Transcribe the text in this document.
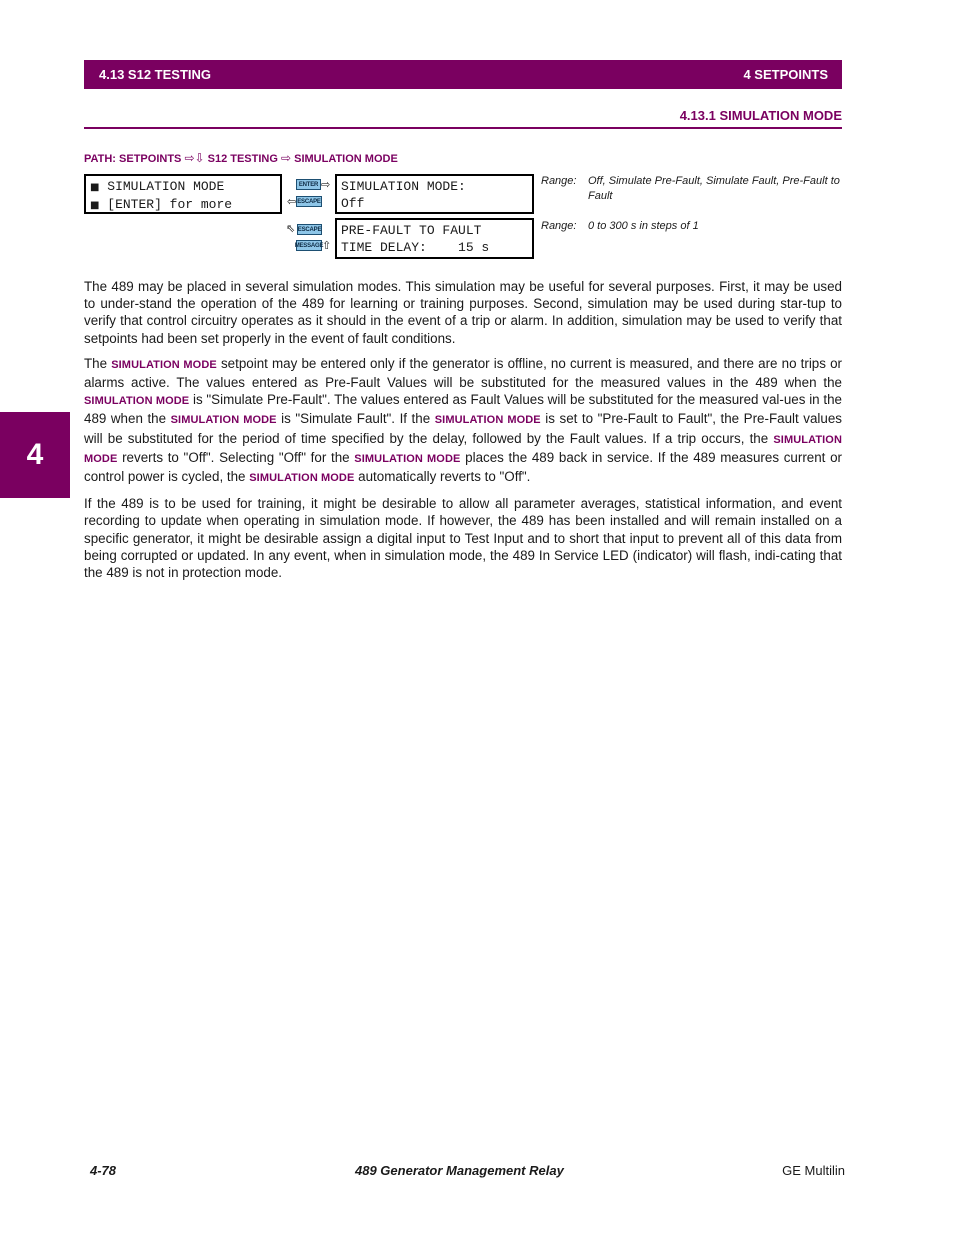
4.13 S12 TESTING	4 SETPOINTS
4.13.1 SIMULATION MODE
PATH: SETPOINTS ⇨⇩ S12 TESTING ⇨ SIMULATION MODE
4
■ SIMULATION MODE
■ [ENTER] for more
ENTER ⇨
⇦ ESCAPE
SIMULATION MODE:
Off
Range: Off, Simulate Pre-Fault, Simulate Fault, Pre-Fault to Fault
⇖ ESCAPE
MESSAGE
⇧
PRE-FAULT TO FAULT
TIME DELAY:    15 s
Range: 0 to 300 s in steps of 1

The 489 may be placed in several simulation modes. This simulation may be useful for several purposes. First, it may be used to under-stand the operation of the 489 for learning or training purposes. Second, simulation may be used during star-tup to verify that control circuitry operates as it should in the event of a trip or alarm. In addition, simulation may be used to verify that setpoints had been set properly in the event of fault conditions.

The SIMULATION MODE setpoint may be entered only if the generator is offline, no current is measured, and there are no trips or alarms active. The values entered as Pre-Fault Values will be substituted for the measured values in the 489 when the SIMULATION MODE is "Simulate Pre-Fault". The values entered as Fault Values will be substituted for the measured val-ues in the 489 when the SIMULATION MODE is "Simulate Fault". If the SIMULATION MODE is set to "Pre-Fault to Fault", the Pre-Fault values will be substituted for the period of time specified by the delay, followed by the Fault values. If a trip occurs, the SIMULATION MODE reverts to "Off". Selecting "Off" for the SIMULATION MODE places the 489 back in service. If the 489 measures current or control power is cycled, the SIMULATION MODE automatically reverts to "Off".

If the 489 is to be used for training, it might be desirable to allow all parameter averages, statistical information, and event recording to update when operating in simulation mode. If however, the 489 has been installed and will remain installed on a specific generator, it might be desirable assign a digital input to Test Input and to short that input to prevent all of this data from being corrupted or updated. In any event, when in simulation mode, the 489 In Service LED (indicator) will flash, indi-cating that the 489 is not in protection mode.

4-78	489 Generator Management Relay	GE Multilin
